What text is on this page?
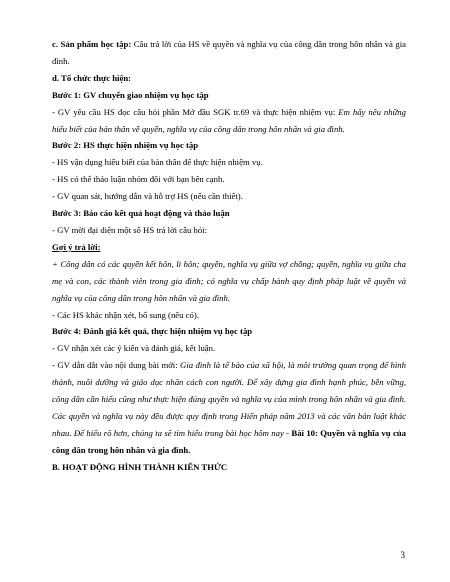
c. Sản phẩm học tập: Câu trả lời của HS về quyền và nghĩa vụ của công dân trong hôn nhân và gia đình.

d. Tổ chức thực hiện:

Bước 1: GV chuyển giao nhiệm vụ học tập

- GV yêu cầu HS đọc câu hỏi phần Mở đầu SGK tr.69 và thực hiện nhiệm vụ: Em hãy nêu những hiểu biết của bản thân về quyền, nghĩa vụ của công dân trong hôn nhân và gia đình.

Bước 2: HS thực hiện nhiệm vụ học tập

- HS vận dụng hiểu biết của bản thân để thực hiện nhiệm vụ.

- HS có thể thảo luận nhóm đôi với bạn bên cạnh.

- GV quan sát, hướng dẫn và hỗ trợ HS (nếu cần thiết).

Bước 3: Báo cáo kết quả hoạt động và thảo luận

- GV mời đại diện một số HS trả lời câu hỏi:

Gợi ý trả lời:

+ Công dân có các quyền kết hôn, li hôn; quyền, nghĩa vụ giữa vợ chồng; quyền, nghĩa vụ giữa cha mẹ và con, các thành viên trong gia đình; có nghĩa vụ chấp hành quy định pháp luật về quyền và nghĩa vụ của công dân trong hôn nhân và gia đình.

- Các HS khác nhận xét, bổ sung (nếu có).

Bước 4: Đánh giá kết quả, thực hiện nhiệm vụ học tập

- GV nhận xét các ý kiến và đánh giá, kết luận.

- GV dẫn dắt vào nội dung bài mới: Gia đình là tế bào của xã hội, là môi trường quan trọng để hình thành, nuôi dưỡng và giáo dục nhân cách con người. Để xây dựng gia đình hạnh phúc, bền vững, công dân cần hiểu cũng như thực hiện đúng quyền và nghĩa vụ của mình trong hôn nhân và gia đình. Các quyền và nghĩa vụ này đều được quy định trong Hiến pháp năm 2013 và các văn bản luật khác nhau. Để hiểu rõ hơn, chúng ta sẽ tìm hiểu trong bài học hôm nay - Bài 10: Quyền và nghĩa vụ của công dân trong hôn nhân và gia đình.

B. HOẠT ĐỘNG HÌNH THÀNH KIẾN THỨC

3
